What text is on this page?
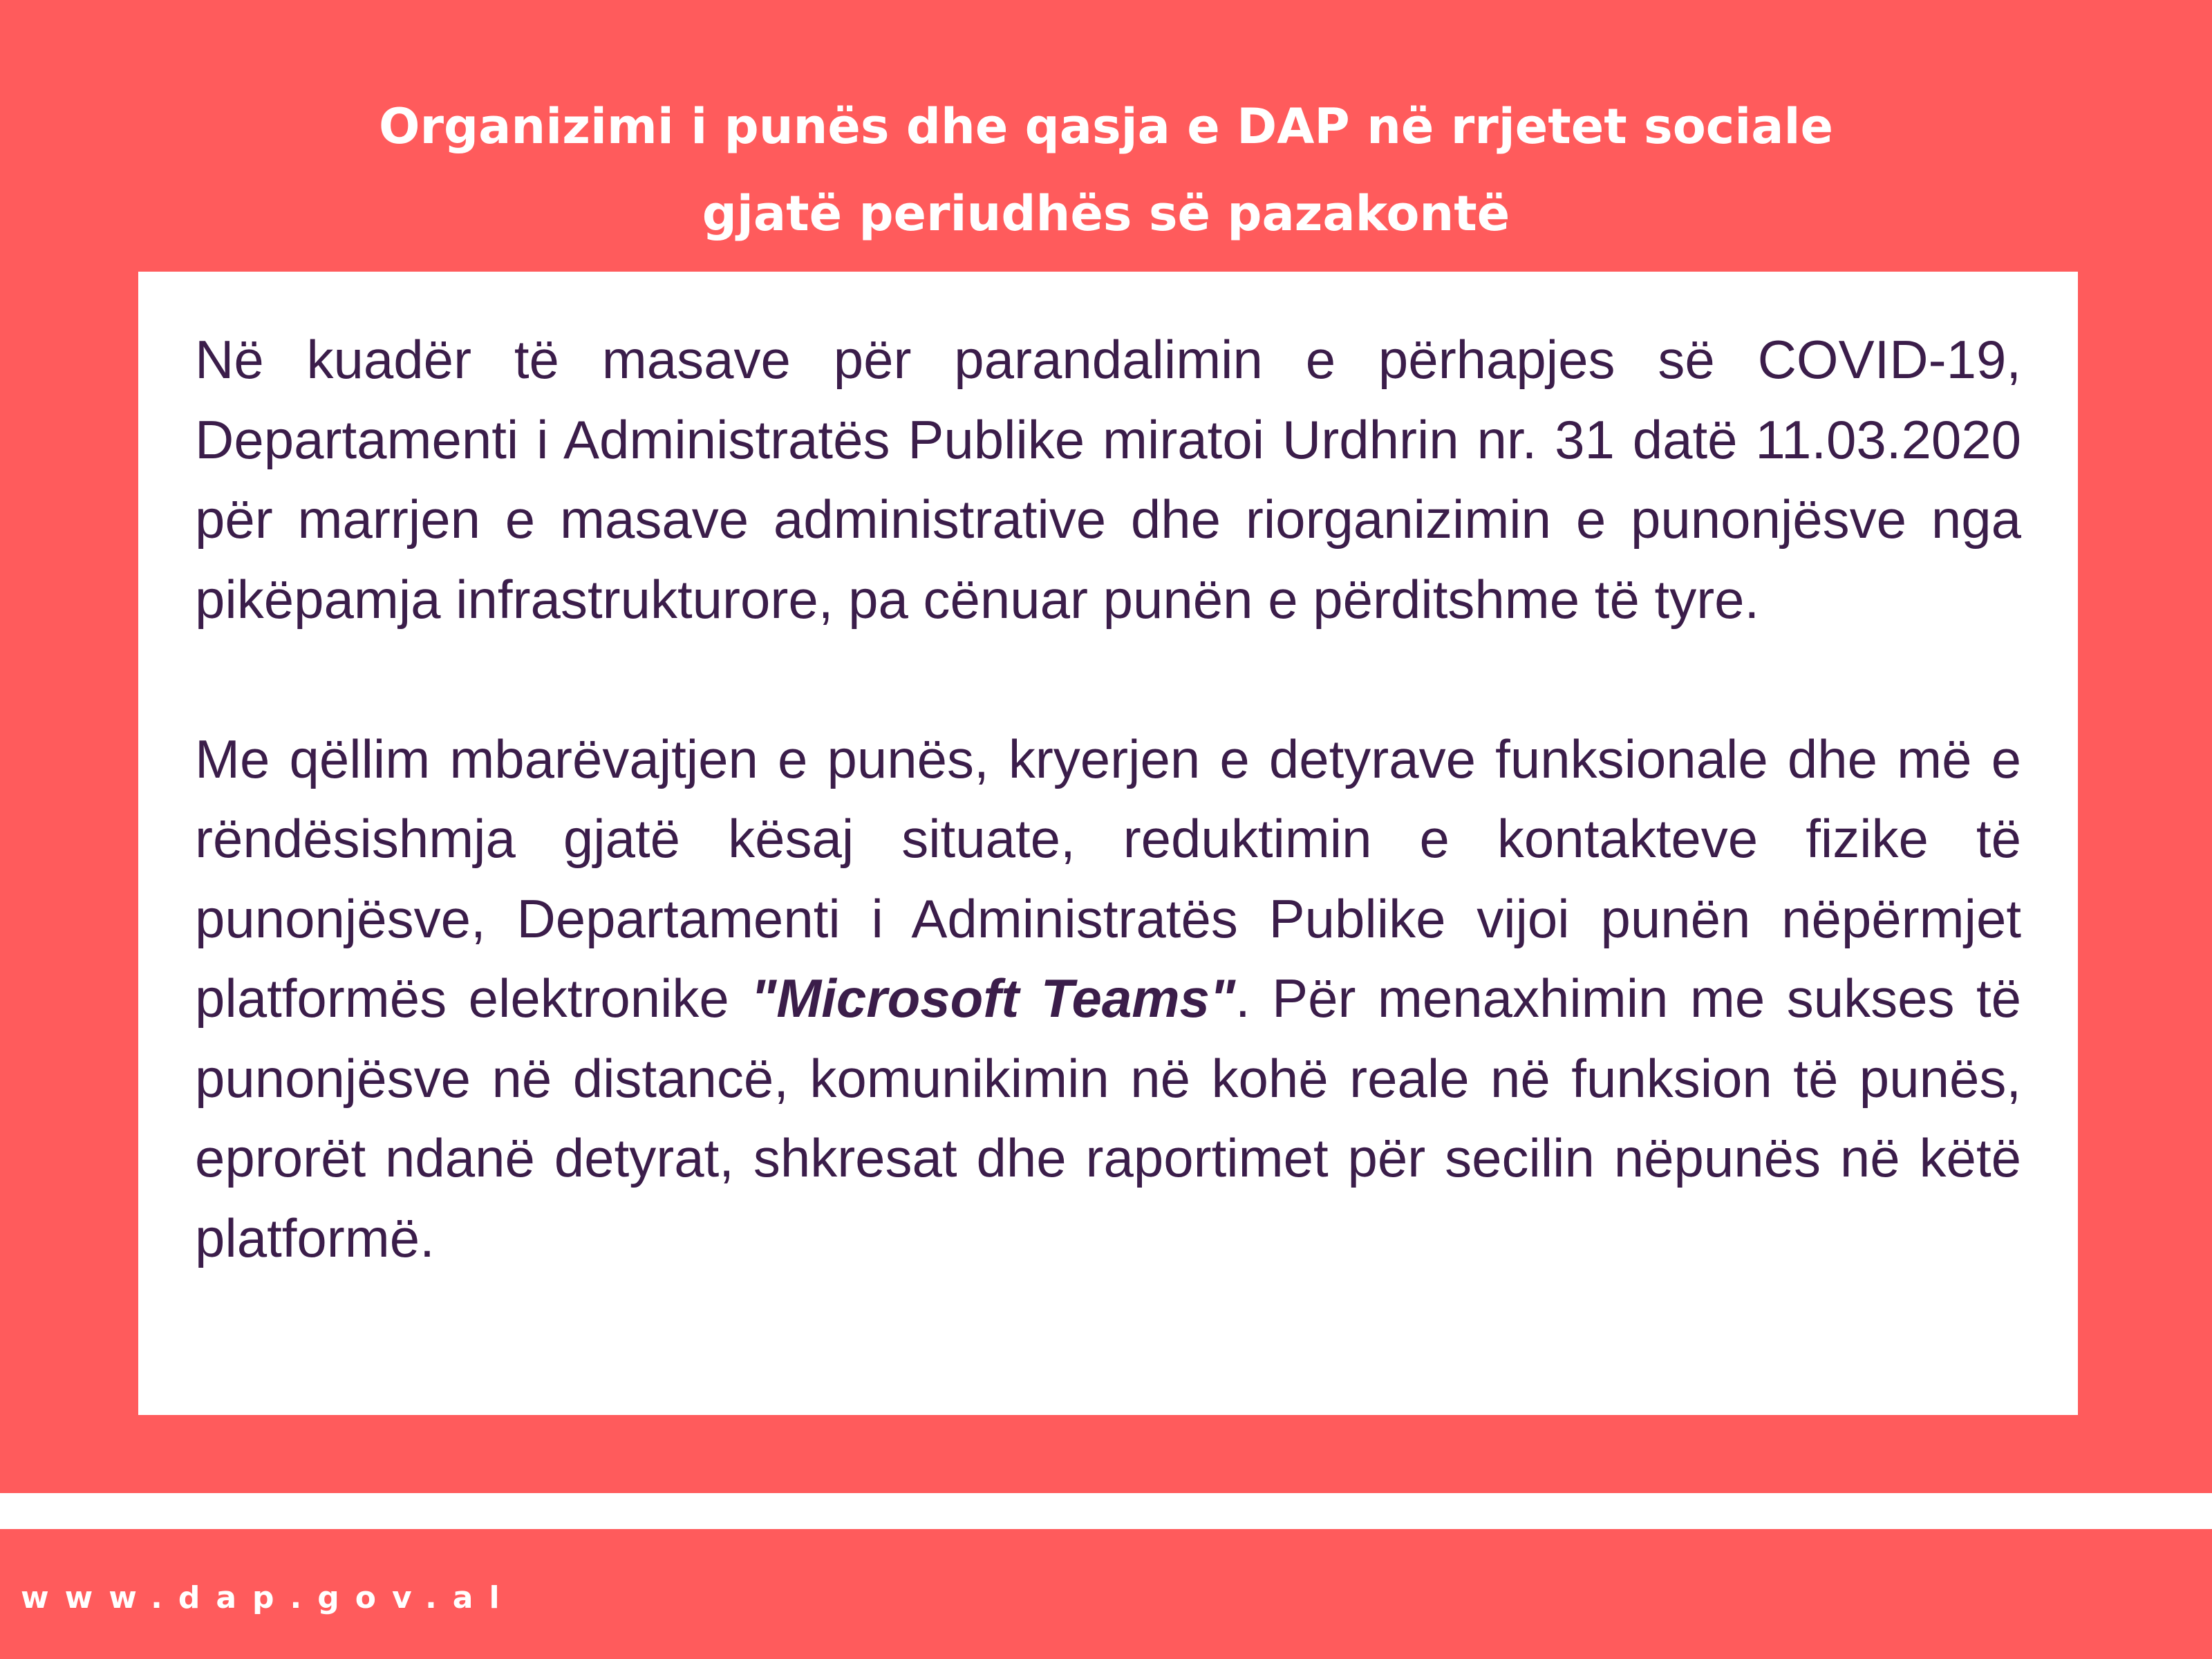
Organizimi i punës dhe qasja e DAP në rrjetet sociale
gjatë periudhës së pazakontë

Në kuadër të masave për parandalimin e përhapjes së COVID-19, Departamenti i Administratës Publike miratoi Urdhrin nr. 31 datë 11.03.2020 për marrjen e masave administrative dhe riorganizimin e punonjësve nga pikëpamja infrastrukturore, pa cënuar punën e përditshme të tyre.

Me qëllim mbarëvajtjen e punës, kryerjen e detyrave funksionale dhe më e rëndësishmja gjatë kësaj situate, reduktimin e kontakteve fizike të punonjësve, Departamenti i Administratës Publike vijoi punën nëpërmjet platformës elektronike "Microsoft Teams". Për menaxhimin me sukses të punonjësve në distancë, komunikimin në kohë reale në funksion të punës, eprorët ndanë detyrat, shkresat dhe raportimet për secilin nëpunës në këtë platformë.

www.dap.gov.al
